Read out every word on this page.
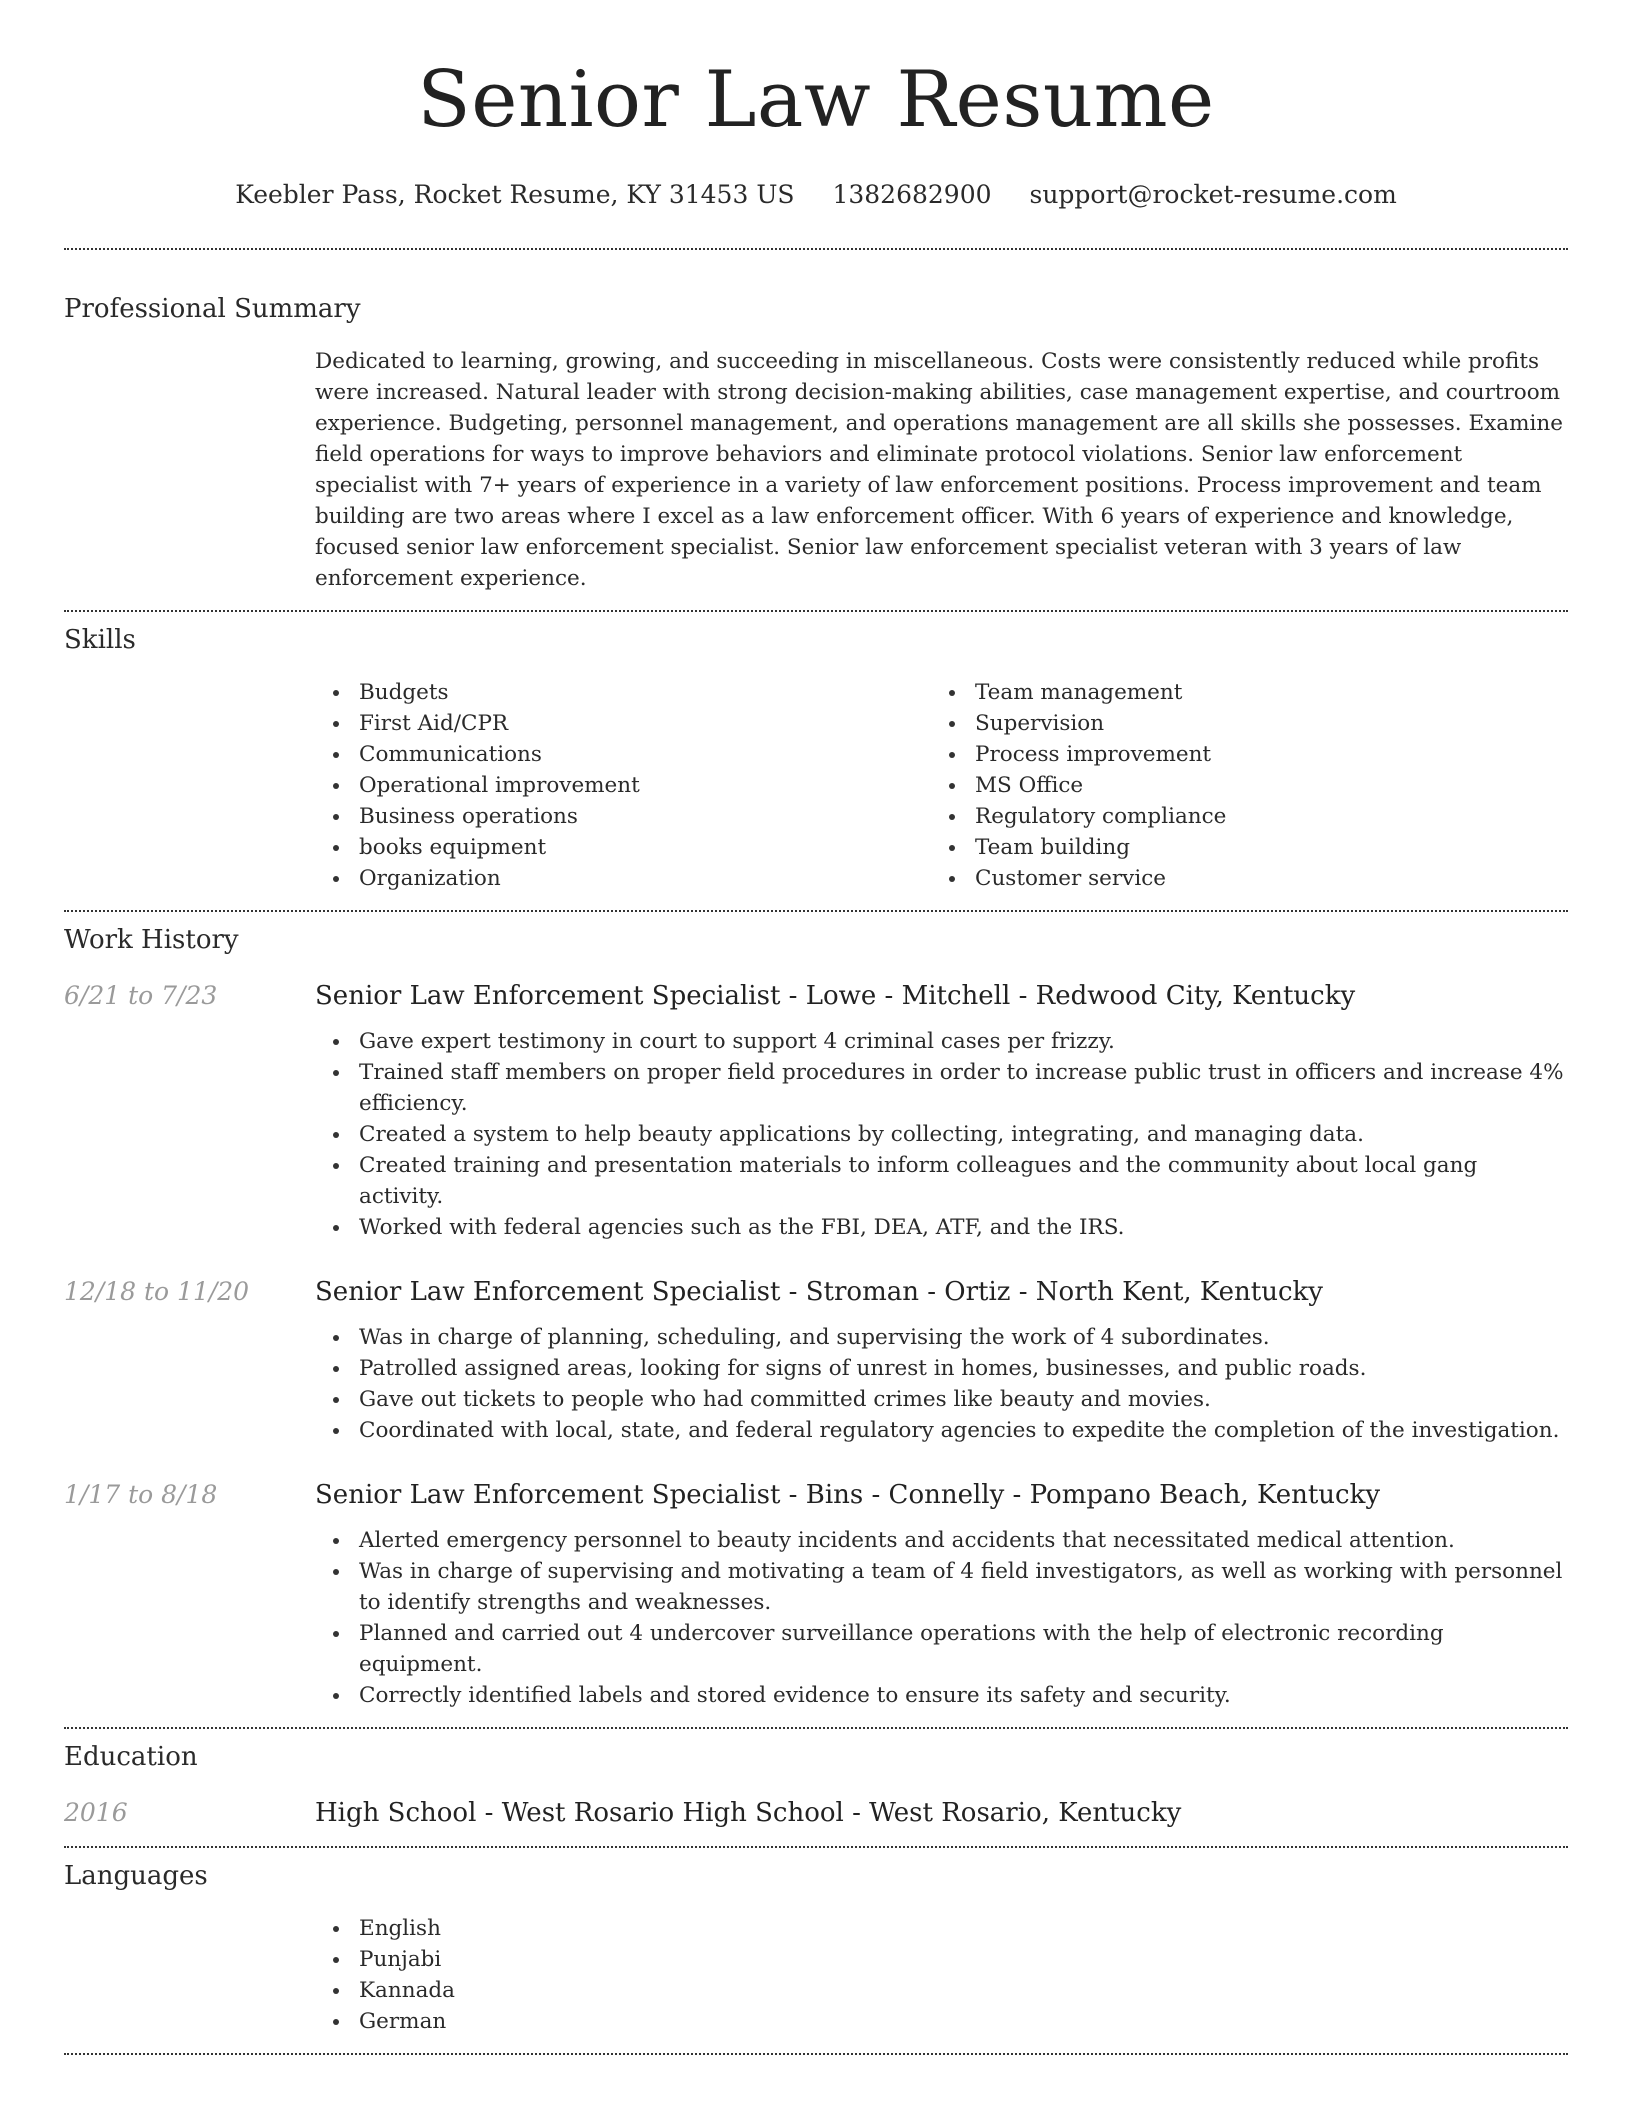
Senior Law Resume
Keebler Pass, Rocket Resume, KY 31453 US 1382682900 support@rocket-resume.com
Professional Summary

Dedicated to learning, growing, and succeeding in miscellaneous. Costs were consistently reduced while profits were increased. Natural leader with strong decision-making abilities, case management expertise, and courtroom experience. Budgeting, personnel management, and operations management are all skills she possesses. Examine field operations for ways to improve behaviors and eliminate protocol violations. Senior law enforcement specialist with 7+ years of experience in a variety of law enforcement positions. Process improvement and team building are two areas where I excel as a law enforcement officer. With 6 years of experience and knowledge, focused senior law enforcement specialist. Senior law enforcement specialist veteran with 3 years of law enforcement experience.

Skills
Budgets
First Aid/CPR
Communications
Operational improvement
Business operations
books equipment
Organization
Team management
Supervision
Process improvement
MS Office
Regulatory compliance
Team building
Customer service
Work History
6/21 to 7/23	Senior Law Enforcement Specialist - Lowe - Mitchell - Redwood City, Kentucky
Gave expert testimony in court to support 4 criminal cases per frizzy.
Trained staff members on proper field procedures in order to increase public trust in officers and increase 4% efficiency.
Created a system to help beauty applications by collecting, integrating, and managing data.
Created training and presentation materials to inform colleagues and the community about local gang activity.
Worked with federal agencies such as the FBI, DEA, ATF, and the IRS.
12/18 to 11/20	Senior Law Enforcement Specialist - Stroman - Ortiz - North Kent, Kentucky
Was in charge of planning, scheduling, and supervising the work of 4 subordinates.
Patrolled assigned areas, looking for signs of unrest in homes, businesses, and public roads.
Gave out tickets to people who had committed crimes like beauty and movies.
Coordinated with local, state, and federal regulatory agencies to expedite the completion of the investigation.
1/17 to 8/18	Senior Law Enforcement Specialist - Bins - Connelly - Pompano Beach, Kentucky
Alerted emergency personnel to beauty incidents and accidents that necessitated medical attention.
Was in charge of supervising and motivating a team of 4 field investigators, as well as working with personnel to identify strengths and weaknesses.
Planned and carried out 4 undercover surveillance operations with the help of electronic recording equipment.
Correctly identified labels and stored evidence to ensure its safety and security.
Education
2016	High School - West Rosario High School - West Rosario, Kentucky
Languages
English
Punjabi
Kannada
German
